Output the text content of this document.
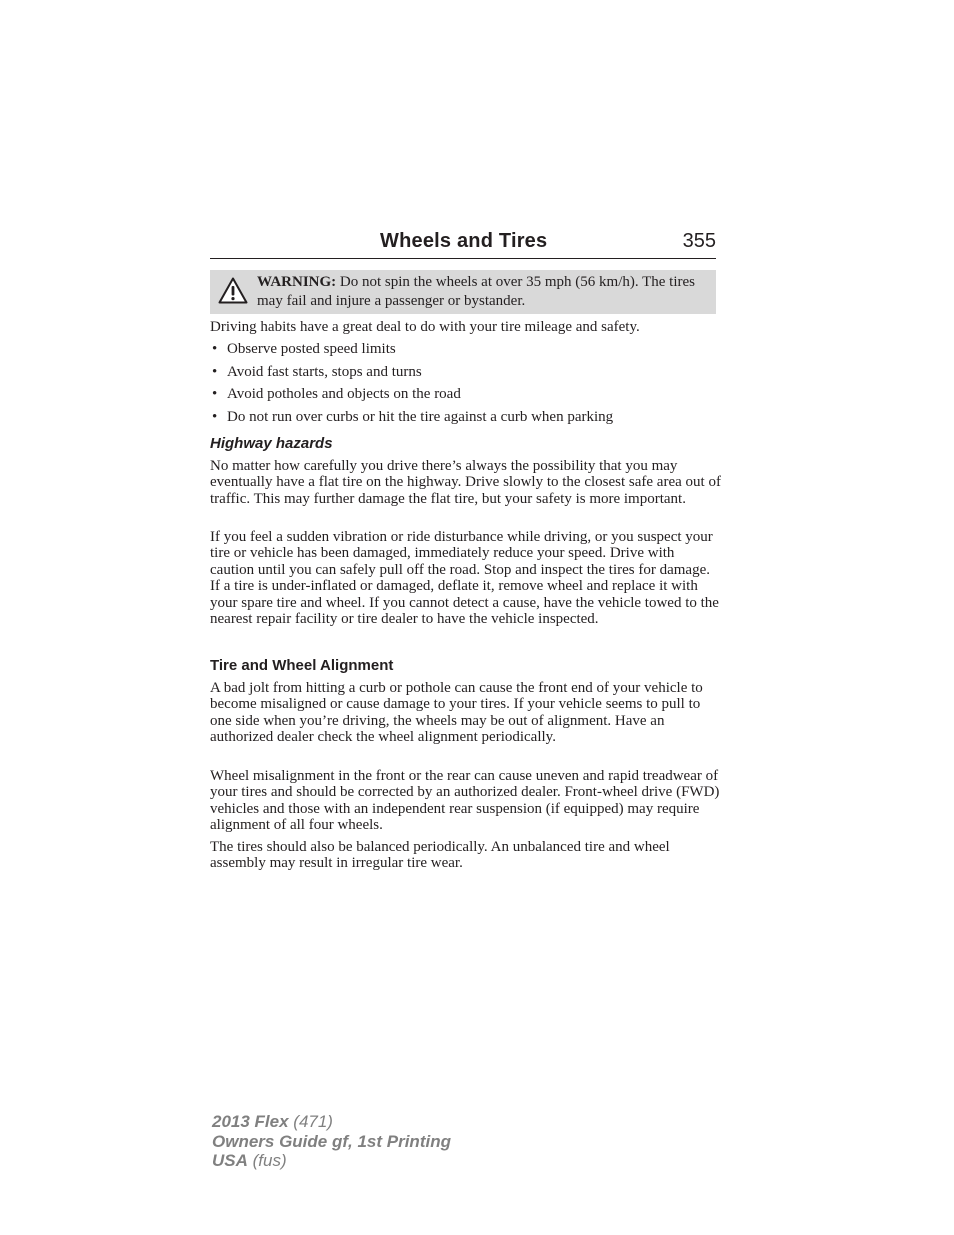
Wheels and Tires	355
WARNING: Do not spin the wheels at over 35 mph (56 km/h). The tires may fail and injure a passenger or bystander.

Driving habits have a great deal to do with your tire mileage and safety.

• Observe posted speed limits
• Avoid fast starts, stops and turns
• Avoid potholes and objects on the road
• Do not run over curbs or hit the tire against a curb when parking
Highway hazards

No matter how carefully you drive there’s always the possibility that you may eventually have a flat tire on the highway. Drive slowly to the closest safe area out of traffic. This may further damage the flat tire, but your safety is more important.

If you feel a sudden vibration or ride disturbance while driving, or you suspect your tire or vehicle has been damaged, immediately reduce your speed. Drive with caution until you can safely pull off the road. Stop and inspect the tires for damage. If a tire is under-inflated or damaged, deflate it, remove wheel and replace it with your spare tire and wheel. If you cannot detect a cause, have the vehicle towed to the nearest repair facility or tire dealer to have the vehicle inspected.

Tire and Wheel Alignment

A bad jolt from hitting a curb or pothole can cause the front end of your vehicle to become misaligned or cause damage to your tires. If your vehicle seems to pull to one side when you’re driving, the wheels may be out of alignment. Have an authorized dealer check the wheel alignment periodically.

Wheel misalignment in the front or the rear can cause uneven and rapid treadwear of your tires and should be corrected by an authorized dealer. Front-wheel drive (FWD) vehicles and those with an independent rear suspension (if equipped) may require alignment of all four wheels.

The tires should also be balanced periodically. An unbalanced tire and wheel assembly may result in irregular tire wear.

2013 Flex (471)
Owners Guide gf, 1st Printing
USA (fus)
